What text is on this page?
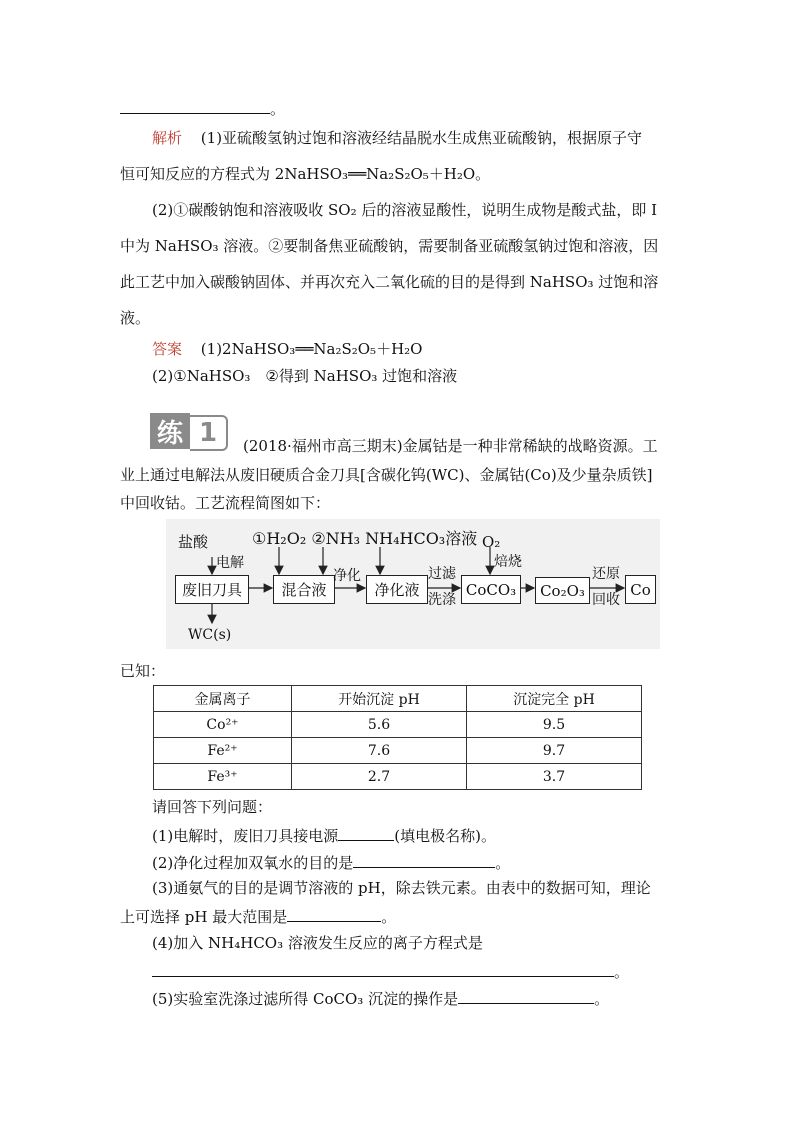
。
解析 (1)亚硫酸氢钠过饱和溶液经结晶脱水生成焦亚硫酸钠，根据原子守
恒可知反应的方程式为 2NaHSO₃══Na₂S₂O₅＋H₂O。
(2)①碳酸钠饱和溶液吸收 SO₂ 后的溶液显酸性，说明生成物是酸式盐，即 Ⅰ
中为 NaHSO₃ 溶液。②要制备焦亚硫酸钠，需要制备亚硫酸氢钠过饱和溶液，因
此工艺中加入碳酸钠固体、并再次充入二氧化硫的目的是得到 NaHSO₃ 过饱和溶
液。
答案 (1)2NaHSO₃══Na₂S₂O₅＋H₂O
(2)①NaHSO₃　②得到 NaHSO₃ 过饱和溶液
练 1	(2018·福州市高三期末)金属钴是一种非常稀缺的战略资源。工
业上通过电解法从废旧硬质合金刀具[含碳化钨(WC)、金属钴(Co)及少量杂质铁]
中回收钴。工艺流程简图如下：
盐酸
电解
废旧刀具
WC(s)
①H₂O₂ ②NH₃ NH₄HCO₃溶液
混合液
净化
净化液
过滤
洗涤
O₂
焙烧
CoCO₃	Co₂O₃
还原
回收
Co
已知：
金属离子	开始沉淀 pH	沉淀完全 pH
Co²⁺	5.6	9.5
Fe²⁺	7.6	9.7
Fe³⁺	2.7	3.7
请回答下列问题：
(1)电解时，废旧刀具接电源	(填电极名称)。
(2)净化过程加双氧水的目的是	。
(3)通氨气的目的是调节溶液的 pH，除去铁元素。由表中的数据可知，理论
上可选择 pH 最大范围是	。
(4)加入 NH₄HCO₃ 溶液发生反应的离子方程式是
。
(5)实验室洗涤过滤所得 CoCO₃ 沉淀的操作是	。
